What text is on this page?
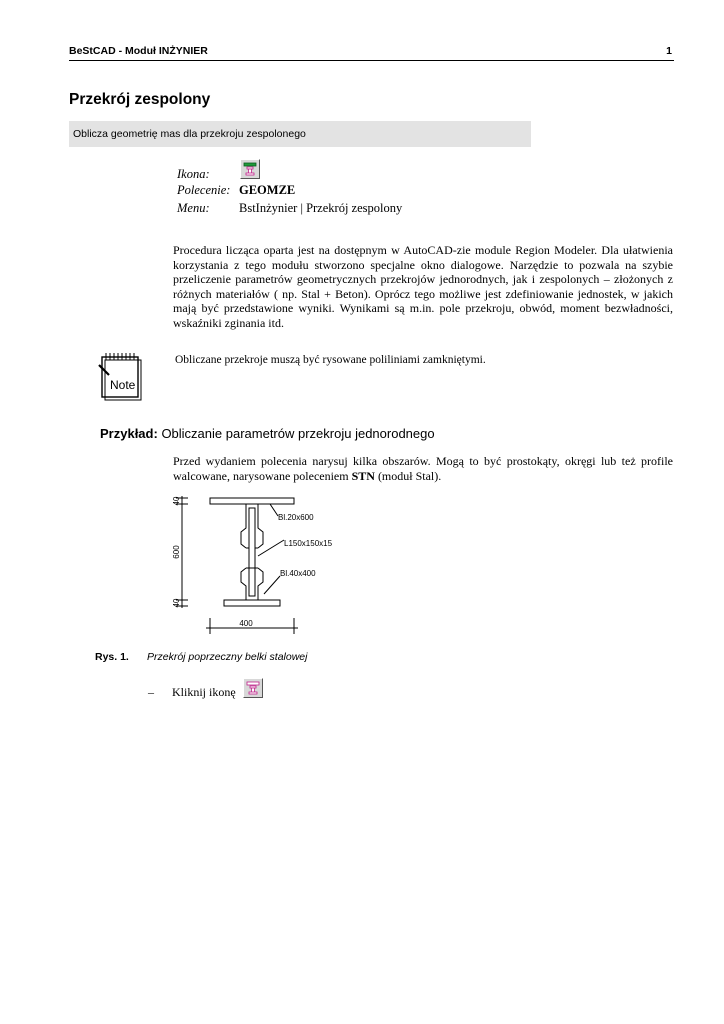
BeStCAD - Moduł INŻYNIER	1
Przekrój zespolony
Oblicza geometrię mas dla przekroju zespolonego
Ikona:
Polecenie: GEOMZE
Menu: BstInżynier | Przekrój zespolony
Procedura licząca oparta jest na dostępnym w AutoCAD-zie module Region Modeler. Dla ułatwienia korzystania z tego modułu stworzono specjalne okno dialogowe. Narzędzie to pozwala na szybie przeliczenie parametrów geometrycznych przekrojów jednorodnych, jak i zespolonych – złożonych z różnych materiałów ( np. Stal + Beton). Oprócz tego możliwe jest zdefiniowanie jednostek, w jakich mają być przedstawione wyniki. Wynikami są m.in. pole przekroju, obwód, moment bezwładności, wskaźniki zginania itd.
Note
Obliczane przekroje muszą być rysowane poliliniami zamkniętymi.
Przykład: Obliczanie parametrów przekroju jednorodnego
Przed wydaniem polecenia narysuj kilka obszarów. Mogą to być prostokąty, okręgi lub też profile walcowane, narysowane poleceniem STN (moduł Stal).
Bl.20x600
L150x150x15
Bl.40x400
40
600
40
400
Rys. 1. Przekrój poprzeczny belki stalowej
– Kliknij ikonę
